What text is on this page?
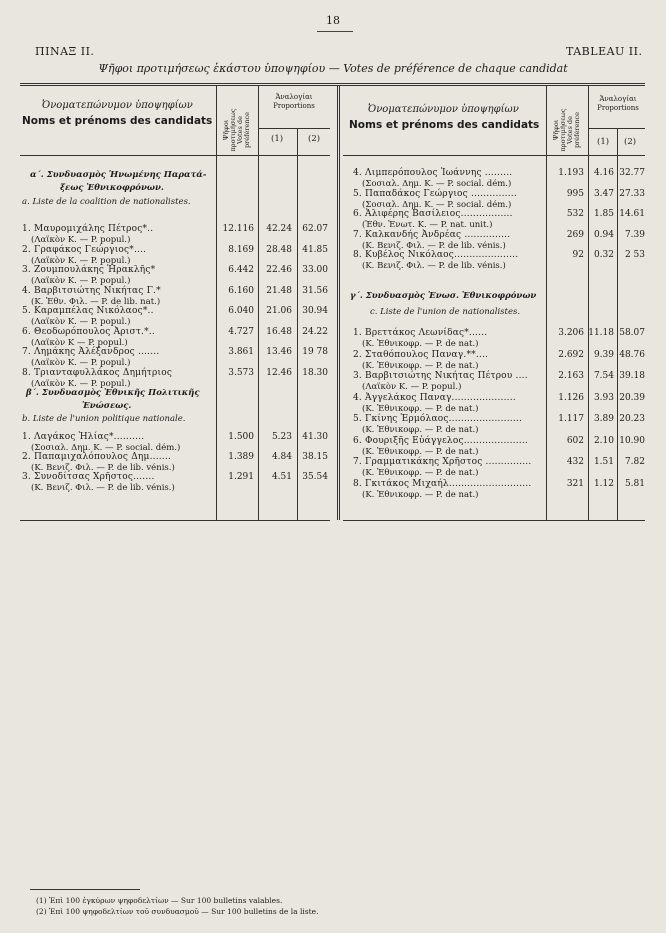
18
ΠΙΝΑΞ II.	TABLEAU II.
Ψῆφοι προτιμήσεως ἑκάστου ὑποψηφίου — Votes de préférence de chaque candidat
Ὀνοματεπώνυμον ὑποψηφίων
Noms et prénoms des candidats Ψῆφοι προτιμήσεως Votes de préférence
Ἀναλογίαι
Proportions
(1)	(2)
Ὀνοματεπώνυμον ὑποψηφίων
Noms et prénoms des candidats Ψῆφοι προτιμήσεως Votes de préférence
Ἀναλογίαι
Proportions
(1) (2)
α΄. Συνδυασμὸς Ἡνωμένης Παρατά-
ξεως Ἐθνικοφρόνων.
a. Liste de la coalition de nationalistes.
1. Μαυρομιχάλης Πέτρος*..
(Λαϊκὸν Κ. — P. popul.)
12.116	42.24	62.07
2. Γραφάκος Γεώργιος*....
(Λαϊκὸν Κ. — P. popul.)
8.169	28.48	41.85
3. Ζουμπουλάκης Ἡρακλῆς*
(Λαϊκὸν Κ. — P. popul.)
6.442	22.46	33.00
4. Βαρβιτσιώτης Νικήτας Γ.*
(Κ. Ἐθν. Φιλ. — P. de lib. nat.)
6.160	21.48	31.56
5. Καραμπέλας Νικόλαος*..
(Λαϊκὸν Κ. — P. popul.)
6.040	21.06	30.94
6. Θεοδωρόπουλος Ἀριστ.*..
(Λαϊκὸν Κ — P. popul.)
4.727	16.48	24.22
7. Λημάκης Ἀλέξανδρος .......
(Λαϊκὸν Κ. — P. popul.)
3.861	13.46	19 78
8. Τριανταφυλλάκος Δημήτριος
(Λαϊκὸν Κ. — P. popul.)
3.573	12.46	18.30
β΄. Συνδυασμὸς Ἐθνικῆς Πολιτικῆς
Ἑνώσεως.
b. Liste de l'union politique nationale.
1. Λαγάκος Ἠλίας*..........
(Σοσιαλ. Δημ. Κ. — P. social. dém.)
1.500	5.23	41.30
2. Παπαμιχαλόπουλος Δημ.......
(Κ. Βενιζ. Φιλ. — P. de lib. vénis.)
1.389	4.84	38.15
3. Συνοδίτσας Χρῆστος.......
(Κ. Βενιζ. Φιλ. — P. de lib. vénis.)
1.291	4.51	35.54
4. Λιμπερόπουλος Ἰωάννης .........
(Σοσιαλ. Δημ. Κ. — P. social. dém.)
1.193	4.16 32.77
5. Παπαδάκος Γεώργιος ...............
(Σοσιαλ. Δημ. Κ. — P. social. dém.)
995	3.47 27.33
6. Ἀλιφέρης Βασίλειος.................
(Ἐθν. Ἑνωτ. Κ. — P. nat. unit.)
532	1.85 14.61
7. Καλκανδής Ἀνδρέας ...............
(Κ. Βενιζ. Φιλ. — P. de lib. vénis.)
269	0.94	7.39
8. Κυβέλος Νικόλαος.....................
(Κ. Βενιζ. Φιλ. — P. de lib. vénis.)
92	0.32	2 53
γ΄. Συνδυασμὸς Ἑνωσ. Ἐθνικοφρόνων
c. Liste de l'union de nationalistes.
1. Βρεττάκος Λεωνίδας*......
(Κ. Ἐθνικοφρ. — P. de nat.)
3.206 11.18 58.07
2. Σταθόπουλος Παναγ.**....
(Κ. Ἐθνικοφρ. — P. de nat.)
2.692	9.39 48.76
3. Βαρβιτσιώτης Νικήτας Πέτρου ....
(Λαϊκὸν Κ. — P. popul.)
2.163	7.54 39.18
4. Ἀγγελάκος Παναγ.....................
(Κ. Ἐθνικοφρ. — P. de nat.)
1.126	3.93 20.39
5. Γκίνης Ἑρμόλαος........................
(Κ. Ἐθνικοφρ. — P. de nat.)
1.117	3.89 20.23
6. Φουριξῆς Εὐάγγελος.....................
(Κ. Ἐθνικοφρ. — P. de nat.)
602	2.10 10.90
7. Γραμματικάκης Χρῆστος ...............
(Κ. Ἐθνικοφρ. — P. de nat.)
432	1.51	7.82
8. Γκιτάκος Μιχαήλ...........................
(Κ. Ἐθνικοφρ. — P. de nat.)
321	1.12	5.81
(1) Ἐπὶ 100 ἐγκύρων ψηφοδελτίων — Sur 100 bulletins valables.
(2) Ἐπὶ 100 ψηφοδελτίων τοῦ συνδυασμοῦ — Sur 100 bulletins de la liste.
